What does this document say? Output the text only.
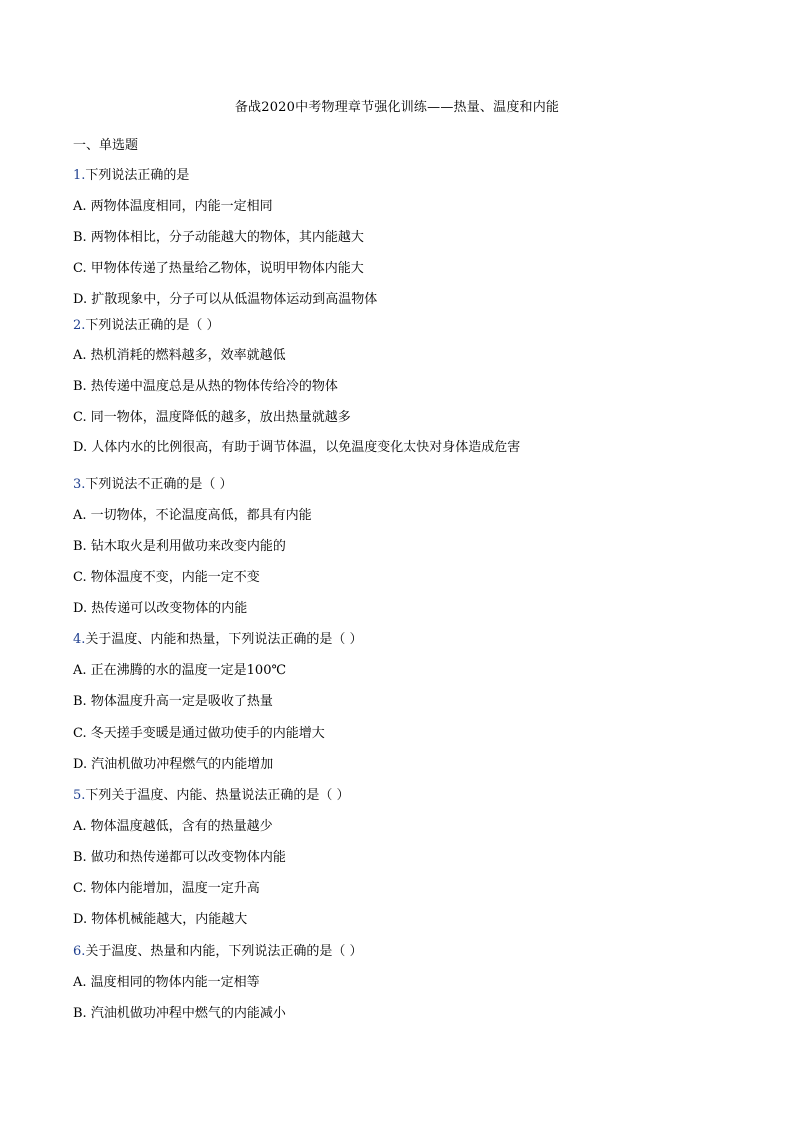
备战2020中考物理章节强化训练——热量、温度和内能
一、单选题
1.下列说法正确的是
A. 两物体温度相同，内能一定相同
B. 两物体相比，分子动能越大的物体，其内能越大
C. 甲物体传递了热量给乙物体，说明甲物体内能大
D. 扩散现象中，分子可以从低温物体运动到高温物体
2.下列说法正确的是（ ）
A. 热机消耗的燃料越多，效率就越低
B. 热传递中温度总是从热的物体传给冷的物体
C. 同一物体，温度降低的越多，放出热量就越多
D. 人体内水的比例很高，有助于调节体温，以免温度变化太快对身体造成危害
3.下列说法不正确的是（ ）
A. 一切物体，不论温度高低，都具有内能
B. 钻木取火是利用做功来改变内能的
C. 物体温度不变，内能一定不变
D. 热传递可以改变物体的内能
4.关于温度、内能和热量，下列说法正确的是（ ）
A. 正在沸腾的水的温度一定是100℃
B. 物体温度升高一定是吸收了热量
C. 冬天搓手变暖是通过做功使手的内能增大
D. 汽油机做功冲程燃气的内能增加
5.下列关于温度、内能、热量说法正确的是（ ）
A. 物体温度越低，含有的热量越少
B. 做功和热传递都可以改变物体内能
C. 物体内能增加，温度一定升高
D. 物体机械能越大，内能越大
6.关于温度、热量和内能，下列说法正确的是（ ）
A. 温度相同的物体内能一定相等
B. 汽油机做功冲程中燃气的内能减小
